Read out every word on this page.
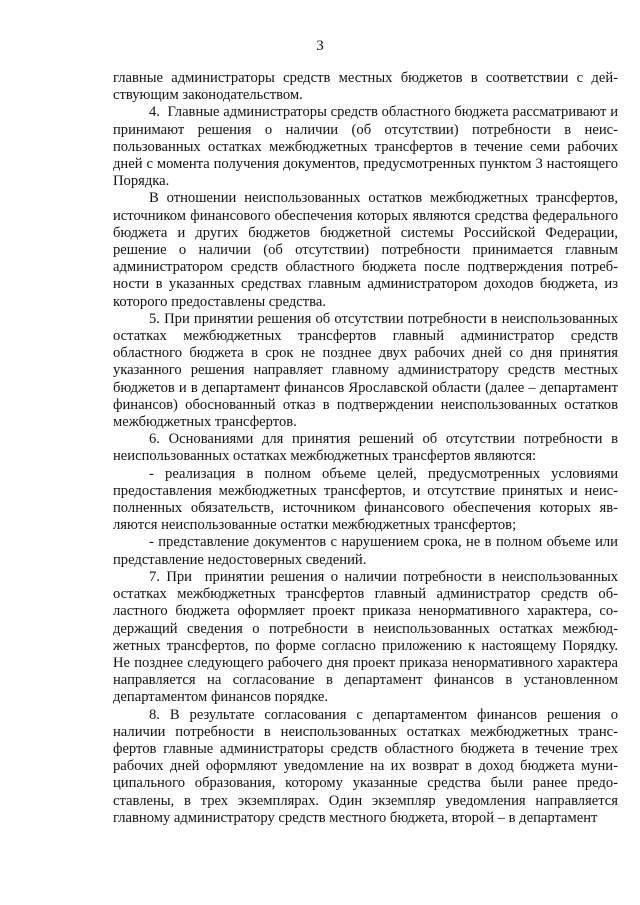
3

главные администраторы средств местных бюджетов в соответствии с действующим законодательством.

4.  Главные администраторы средств областного бюджета рассматривают и принимают решения о наличии (об отсутствии) потребности в неиспользованных остатках межбюджетных трансфертов в течение семи рабочих дней с момента получения документов, предусмотренных пунктом 3 настоящего Порядка.

В отношении неиспользованных остатков межбюджетных трансфертов, источником финансового обеспечения которых являются средства федерального бюджета и других бюджетов бюджетной системы Российской Федерации, решение о наличии (об отсутствии) потребности принимается главным администратором средств областного бюджета после подтверждения потребности в указанных средствах главным администратором доходов бюджета, из которого предоставлены средства.

5. При принятии решения об отсутствии потребности в неиспользованных остатках межбюджетных трансфертов главный администратор средств областного бюджета в срок не позднее двух рабочих дней со дня принятия указанного решения направляет главному администратору средств местных бюджетов и в департамент финансов Ярославской области (далее – департамент финансов) обоснованный отказ в подтверждении неиспользованных остатков межбюджетных трансфертов.

6. Основаниями для принятия решений об отсутствии потребности в неиспользованных остатках межбюджетных трансфертов являются:

- реализация в полном объеме целей, предусмотренных условиями предоставления межбюджетных трансфертов, и отсутствие принятых и неисполненных обязательств, источником финансового обеспечения которых являются неиспользованные остатки межбюджетных трансфертов;

- представление документов с нарушением срока, не в полном объеме или представление недостоверных сведений.

7. При  принятии решения о наличии потребности в неиспользованных остатках межбюджетных трансфертов главный администратор средств областного бюджета оформляет проект приказа ненормативного характера, содержащий сведения о потребности в неиспользованных остатках межбюджетных трансфертов, по форме согласно приложению к настоящему Порядку. Не позднее следующего рабочего дня проект приказа ненормативного характера направляется на согласование в департамент финансов в установленном департаментом финансов порядке.

8. В результате согласования с департаментом финансов решения о наличии потребности в неиспользованных остатках межбюджетных трансфертов главные администраторы средств областного бюджета в течение трех рабочих дней оформляют уведомление на их возврат в доход бюджета муниципального образования, которому указанные средства были ранее предоставлены, в трех экземплярах. Один экземпляр уведомления направляется главному администратору средств местного бюджета, второй – в департамент
